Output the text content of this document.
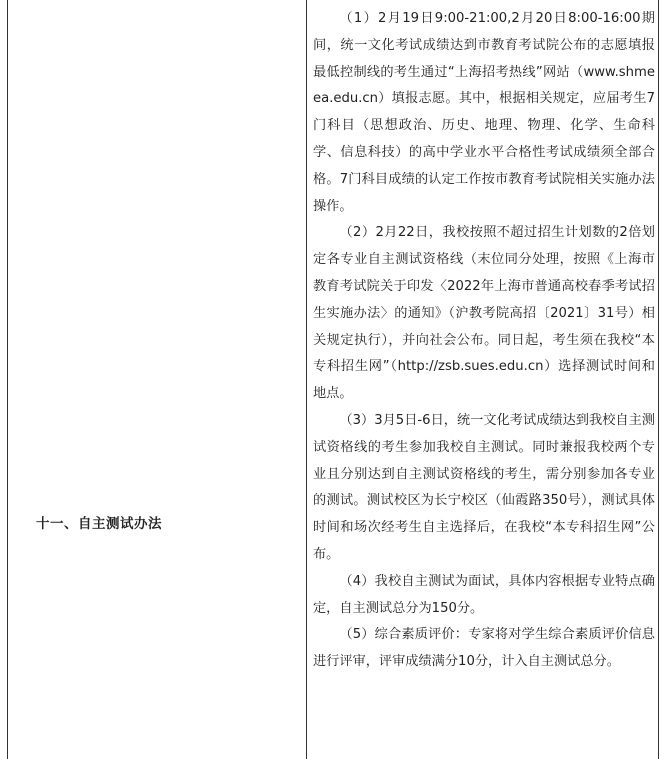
十一、自主测试办法

（1）2月19日9:00-21:00,2月20日8:00-16:00期间，统一文化考试成绩达到市教育考试院公布的志愿填报最低控制线的考生通过“上海招考热线”网站（www.shmeea.edu.cn）填报志愿。其中，根据相关规定，应届考生7门科目（思想政治、历史、地理、物理、化学、生命科学、信息科技）的高中学业水平合格性考试成绩须全部合格。7门科目成绩的认定工作按市教育考试院相关实施办法操作。

（2）2月22日，我校按照不超过招生计划数的2倍划定各专业自主测试资格线（末位同分处理，按照《上海市教育考试院关于印发〈2022年上海市普通高校春季考试招生实施办法〉的通知》（沪教考院高招〔2021〕31号）相关规定执行），并向社会公布。同日起，考生须在我校“本专科招生网”（http://zsb.sues.edu.cn）选择测试时间和地点。

（3）3月5日-6日，统一文化考试成绩达到我校自主测试资格线的考生参加我校自主测试。同时兼报我校两个专业且分别达到自主测试资格线的考生，需分别参加各专业的测试。测试校区为长宁校区（仙霞路350号），测试具体时间和场次经考生自主选择后，在我校“本专科招生网”公布。

（4）我校自主测试为面试，具体内容根据专业特点确定，自主测试总分为150分。

（5）综合素质评价：专家将对学生综合素质评价信息进行评审，评审成绩满分10分，计入自主测试总分。
